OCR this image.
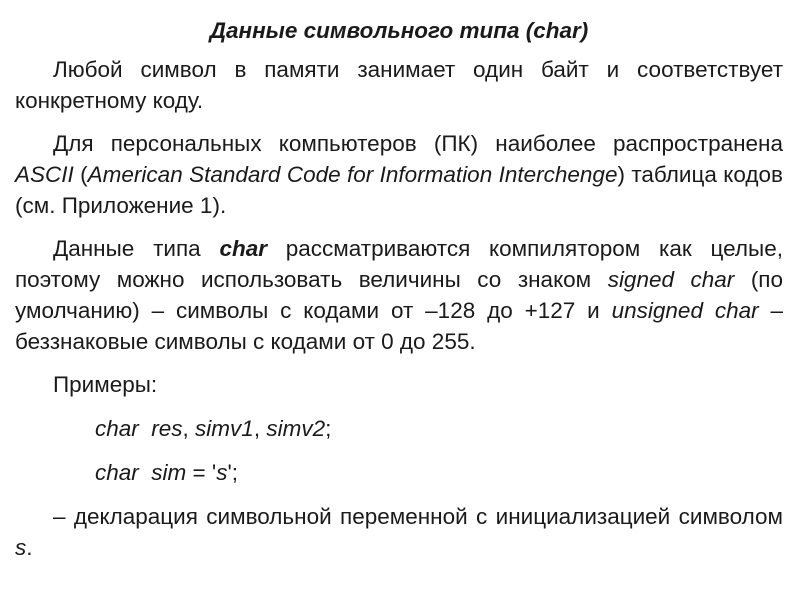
Данные символьного типа (char)

Любой символ в памяти занимает один байт и соответствует конкретному коду.

Для персональных компьютеров (ПК) наиболее распространена ASCII (American Standard Code for Information Interchenge) таблица кодов (см. Приложение 1).

Данные типа char рассматриваются компилятором как целые, поэтому можно использовать величины со знаком signed char (по умолчанию) – символы с кодами от –128 до +127 и unsigned char – беззнаковые символы с кодами от 0 до 255.

Примеры:
char  res, simv1, simv2;
char  sim = 's';

– декларация символьной переменной с инициализацией символом s.
